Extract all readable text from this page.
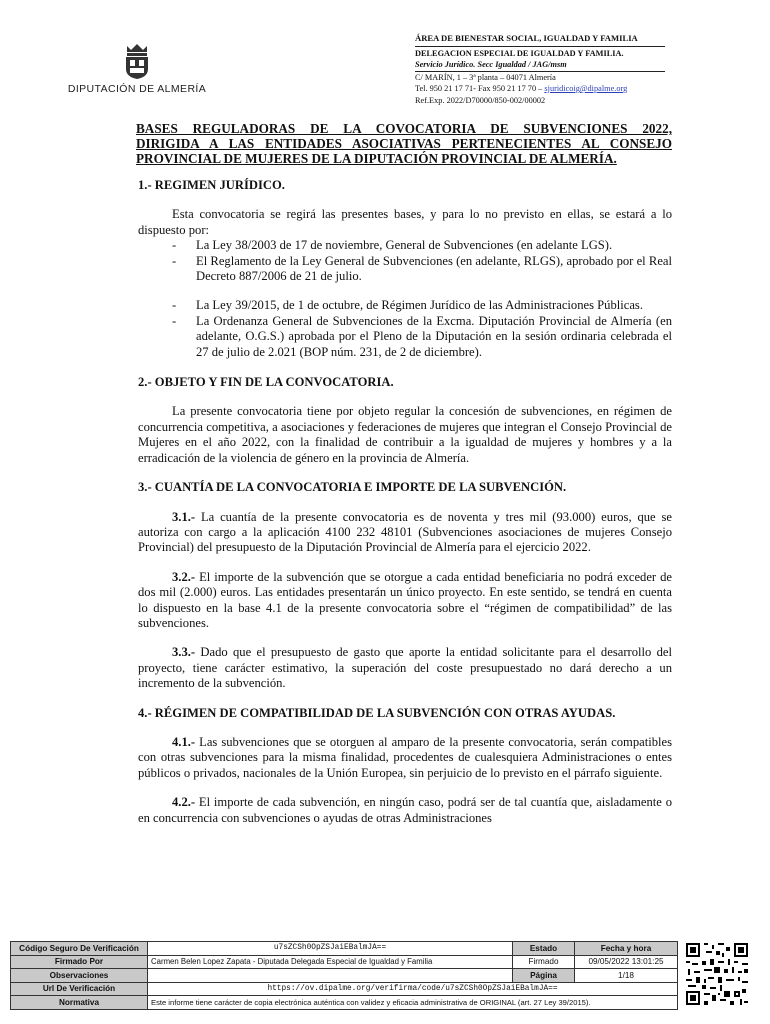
DIPUTACIÓN DE ALMERÍA
ÁREA DE BIENESTAR SOCIAL, IGUALDAD Y FAMILIA
DELEGACION ESPECIAL DE IGUALDAD Y FAMILIA.
Servicio Jurídico. Secc Igualdad / JAG/msm
C/ MARÍN, 1 – 3ª planta – 04071 Almería
Tel. 950 21 17 71- Fax 950 21 17 70 – sjuridicoig@dipalme.org
Ref.Exp. 2022/D70000/850-002/00002
BASES REGULADORAS DE LA COVOCATORIA DE SUBVENCIONES 2022,
DIRIGIDA A LAS ENTIDADES ASOCIATIVAS PERTENECIENTES AL CONSEJO
PROVINCIAL DE MUJERES DE LA DIPUTACIÓN PROVINCIAL DE ALMERÍA.
1.- REGIMEN JURÍDICO.
Esta convocatoria se regirá las presentes bases, y para lo no previsto en ellas, se estará a lo dispuesto por:
- La Ley 38/2003 de 17 de noviembre, General de Subvenciones (en adelante LGS).
- El Reglamento de la Ley General de Subvenciones (en adelante, RLGS), aprobado por el Real Decreto 887/2006 de 21 de julio.
- La Ley 39/2015, de 1 de octubre, de Régimen Jurídico de las Administraciones Públicas.
- La Ordenanza General de Subvenciones de la Excma. Diputación Provincial de Almería (en adelante, O.G.S.) aprobada por el Pleno de la Diputación en la sesión ordinaria celebrada el 27 de julio de 2.021 (BOP núm. 231, de 2 de diciembre).
2.- OBJETO Y FIN DE LA CONVOCATORIA.
La presente convocatoria tiene por objeto regular la concesión de subvenciones, en régimen de concurrencia competitiva, a asociaciones y federaciones de mujeres que integran el Consejo Provincial de Mujeres en el año 2022, con la finalidad de contribuir a la igualdad de mujeres y hombres y a la erradicación de la violencia de género en la provincia de Almería.
3.- CUANTÍA DE LA CONVOCATORIA E IMPORTE DE LA SUBVENCIÓN.
3.1.- La cuantía de la presente convocatoria es de noventa y tres mil (93.000) euros, que se autoriza con cargo a la aplicación 4100 232 48101 (Subvenciones asociaciones de mujeres Consejo Provincial) del presupuesto de la Diputación Provincial de Almería para el ejercicio 2022.
3.2.- El importe de la subvención que se otorgue a cada entidad beneficiaria no podrá exceder de dos mil (2.000) euros. Las entidades presentarán un único proyecto. En este sentido, se tendrá en cuenta lo dispuesto en la base 4.1 de la presente convocatoria sobre el “régimen de compatibilidad” de las subvenciones.
3.3.- Dado que el presupuesto de gasto que aporte la entidad solicitante para el desarrollo del proyecto, tiene carácter estimativo, la superación del coste presupuestado no dará derecho a un incremento de la subvención.
4.- RÉGIMEN DE COMPATIBILIDAD DE LA SUBVENCIÓN CON OTRAS AYUDAS.
4.1.- Las subvenciones que se otorguen al amparo de la presente convocatoria, serán compatibles con otras subvenciones para la misma finalidad, procedentes de cualesquiera Administraciones o entes públicos o privados, nacionales de la Unión Europea, sin perjuicio de lo previsto en el párrafo siguiente.
4.2.- El importe de cada subvención, en ningún caso, podrá ser de tal cuantía que, aisladamente o en concurrencia con subvenciones o ayudas de otras Administraciones
Código Seguro De Verificación	u7sZCSh0OpZSJaiEBalmJA==	Estado	Fecha y hora
Firmado Por	Carmen Belen Lopez Zapata - Diputada Delegada Especial de Igualdad y Familia	Firmado	09/05/2022 13:01:25
Observaciones		Página	1/18
Url De Verificación	https://ov.dipalme.org/verifirma/code/u7sZCSh0OpZSJaiEBalmJA==		
Normativa	Este informe tiene carácter de copia electrónica auténtica con validez y eficacia administrativa de ORIGINAL (art. 27 Ley 39/2015).		
